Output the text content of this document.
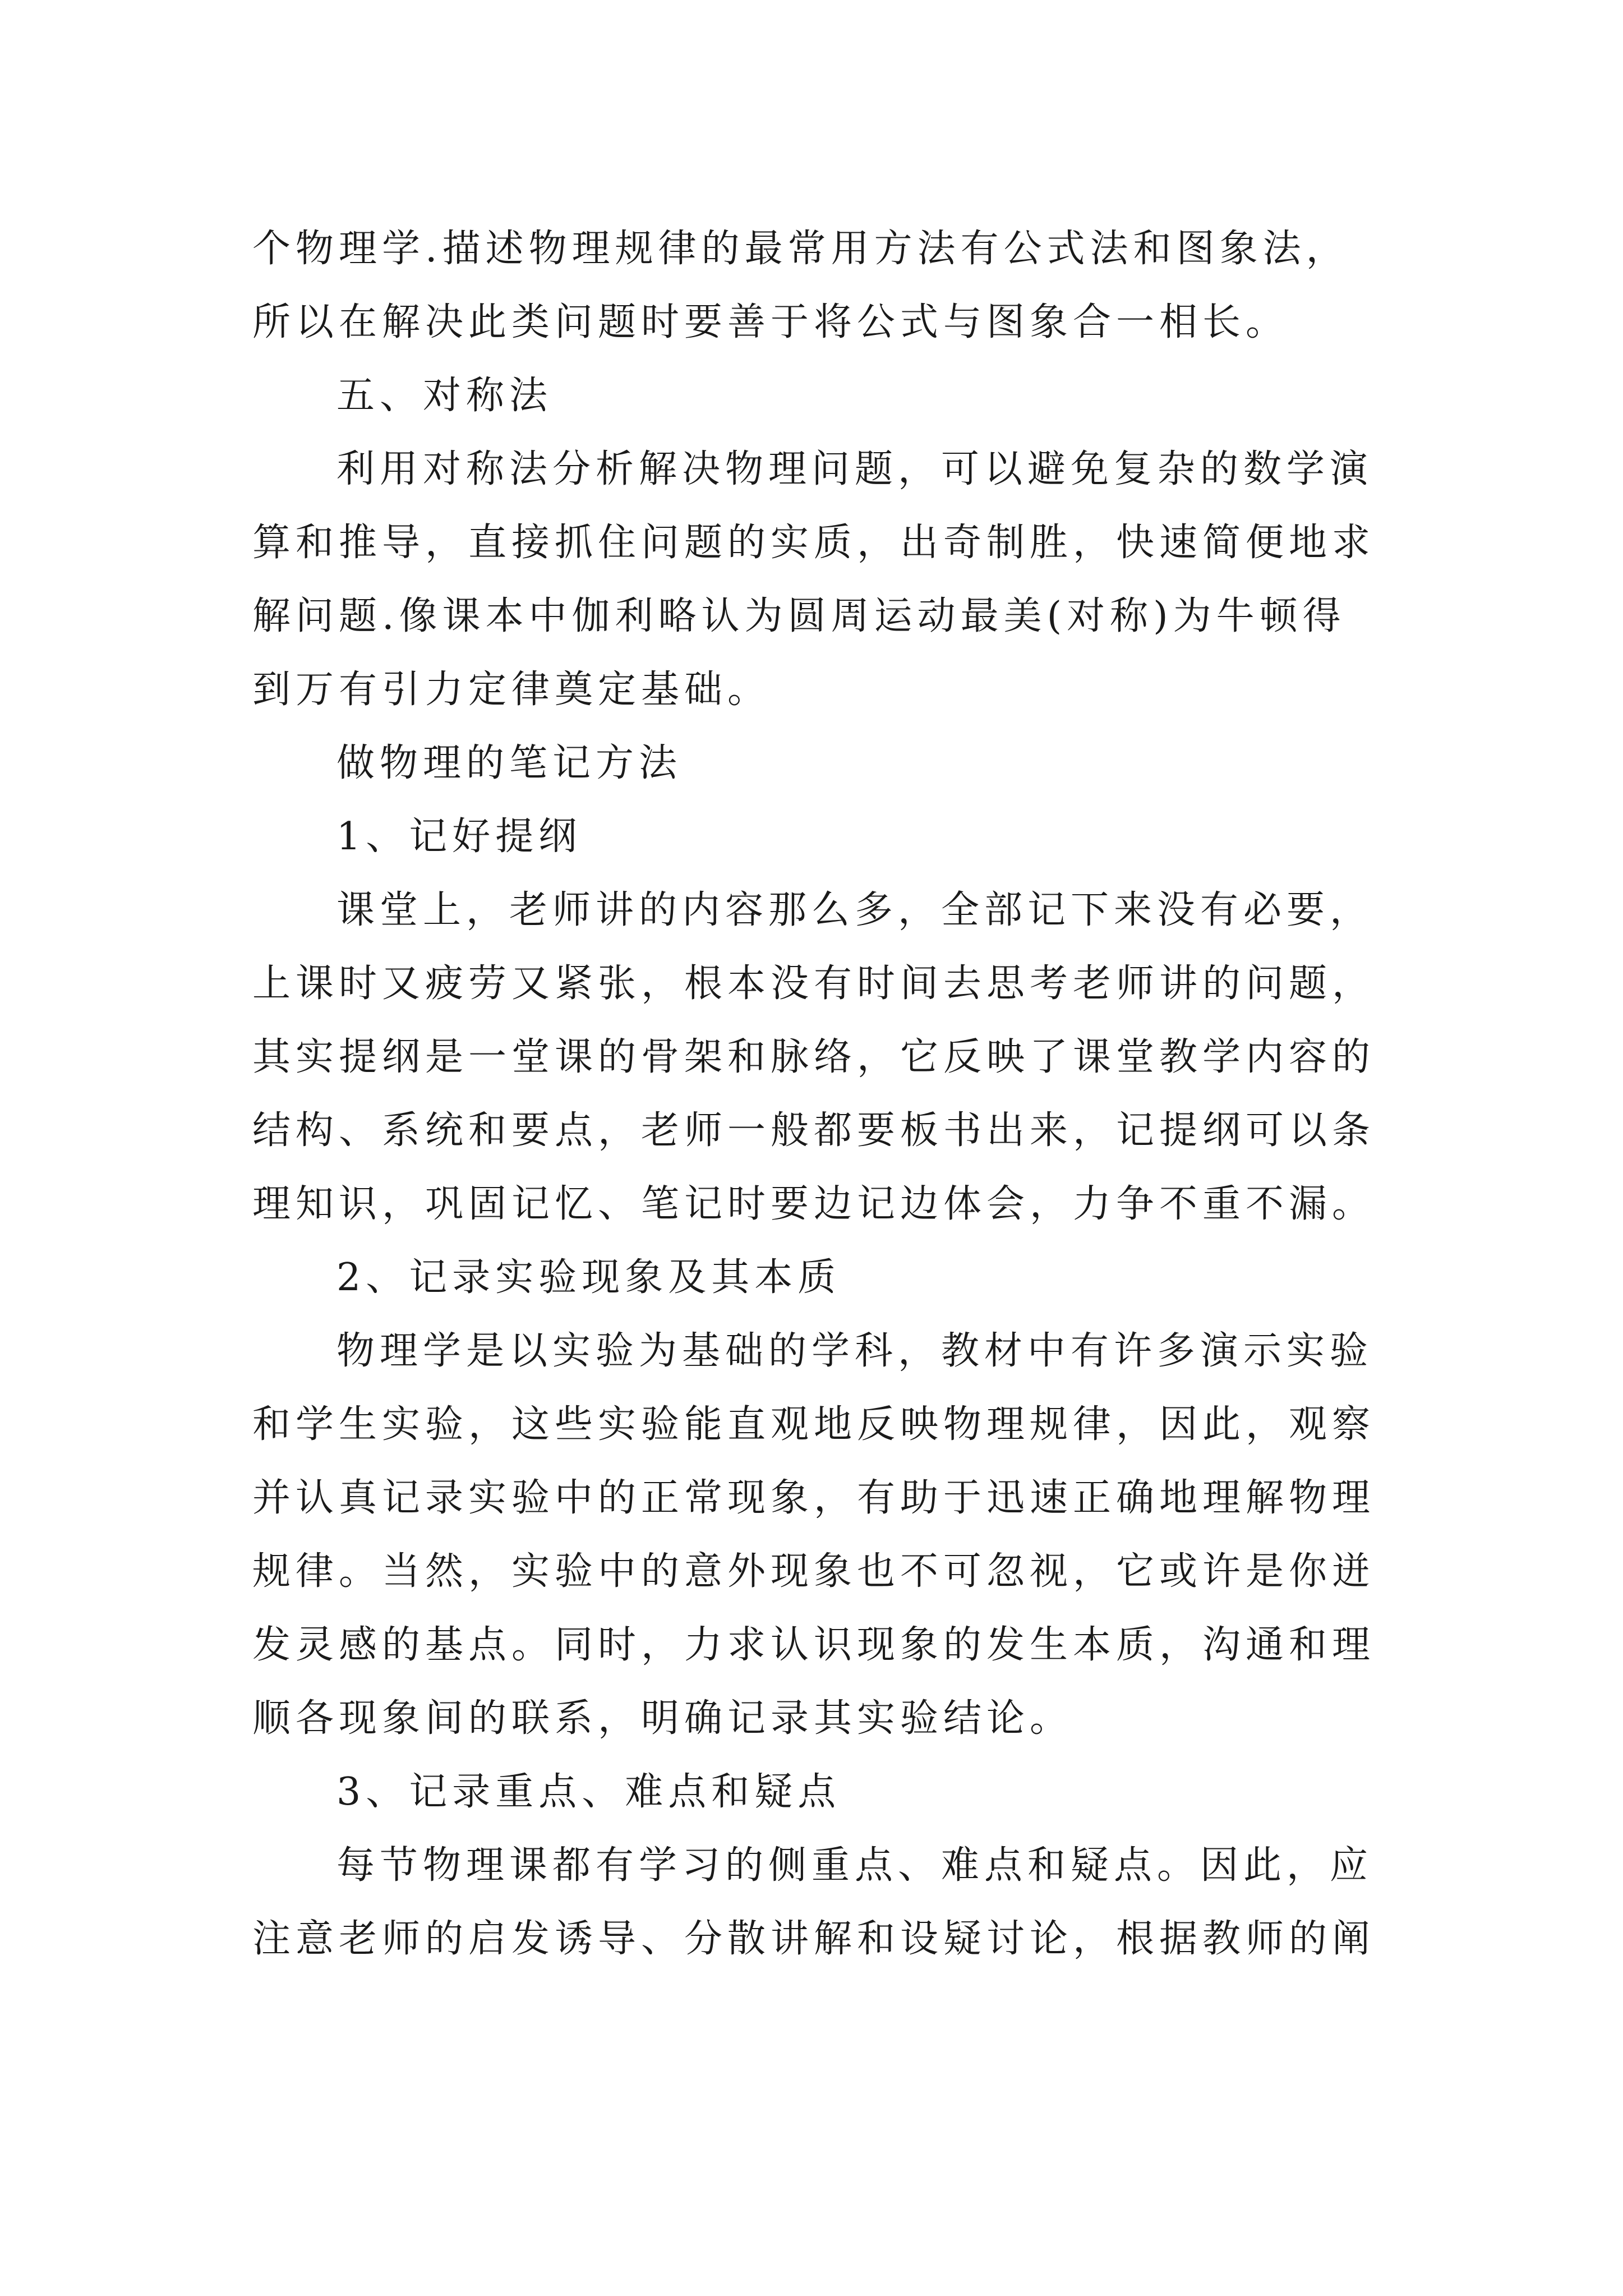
个物理学.描述物理规律的最常用方法有公式法和图象法，
所以在解决此类问题时要善于将公式与图象合一相长。
五、对称法
利用对称法分析解决物理问题，可以避免复杂的数学演
算和推导，直接抓住问题的实质，出奇制胜，快速简便地求
解问题.像课本中伽利略认为圆周运动最美(对称)为牛顿得
到万有引力定律奠定基础。
做物理的笔记方法
1、记好提纲
课堂上，老师讲的内容那么多，全部记下来没有必要，
上课时又疲劳又紧张，根本没有时间去思考老师讲的问题，
其实提纲是一堂课的骨架和脉络，它反映了课堂教学内容的
结构、系统和要点，老师一般都要板书出来，记提纲可以条
理知识，巩固记忆、笔记时要边记边体会，力争不重不漏。
2、记录实验现象及其本质
物理学是以实验为基础的学科，教材中有许多演示实验
和学生实验，这些实验能直观地反映物理规律，因此，观察
并认真记录实验中的正常现象，有助于迅速正确地理解物理
规律。当然，实验中的意外现象也不可忽视，它或许是你迸
发灵感的基点。同时，力求认识现象的发生本质，沟通和理
顺各现象间的联系，明确记录其实验结论。
3、记录重点、难点和疑点
每节物理课都有学习的侧重点、难点和疑点。因此，应
注意老师的启发诱导、分散讲解和设疑讨论，根据教师的阐
